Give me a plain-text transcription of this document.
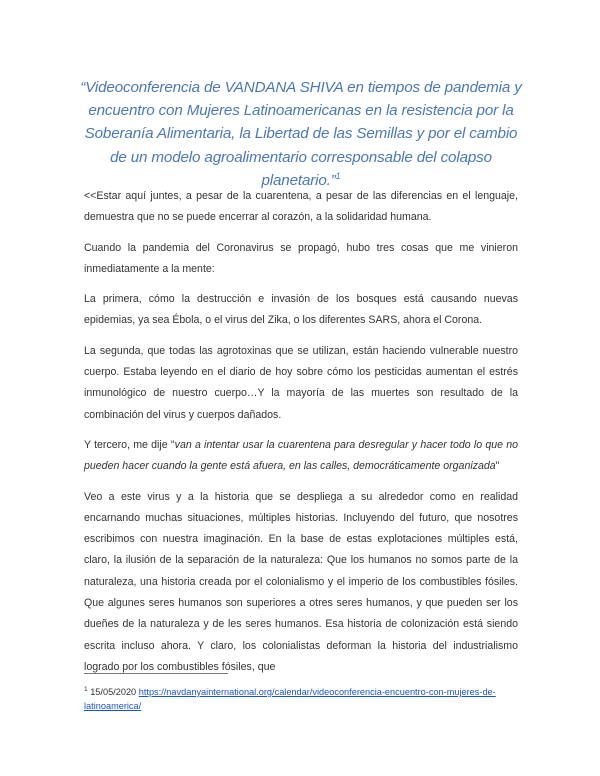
“Videoconferencia de VANDANA SHIVA en tiempos de pandemia y encuentro con Mujeres Latinoamericanas en la resistencia por la Soberanía Alimentaria, la Libertad de las Semillas y por el cambio de un modelo agroalimentario corresponsable del colapso planetario.”$^1$

<<Estar aquí juntes, a pesar de la cuarentena, a pesar de las diferencias en el lenguaje, demuestra que no se puede encerrar al corazón, a la solidaridad humana.

Cuando la pandemia del Coronavirus se propagó, hubo tres cosas que me vinieron inmediatamente a la mente:

La primera, cómo la destrucción e invasión de los bosques está causando nuevas epidemias, ya sea Ébola, o el virus del Zika, o los diferentes SARS, ahora el Corona.

La segunda, que todas las agrotoxinas que se utilizan, están haciendo vulnerable nuestro cuerpo. Estaba leyendo en el diario de hoy sobre cómo los pesticidas aumentan el estrés inmunológico de nuestro cuerpo…Y la mayoría de las muertes son resultado de la combinación del virus y cuerpos dañados.

Y tercero, me dije "van a intentar usar la cuarentena para desregular y hacer todo lo que no pueden hacer cuando la gente está afuera, en las calles, democráticamente organizada"

Veo a este virus y a la historia que se despliega a su alrededor como en realidad encarnando muchas situaciones, múltiples historias. Incluyendo del futuro, que nosotres escribimos con nuestra imaginación. En la base de estas explotaciones múltiples está, claro, la ilusión de la separación de la naturaleza: Que los humanos no somos parte de la naturaleza, una historia creada por el colonialismo y el imperio de los combustibles fósiles. Que algunes seres humanos son superiores a otres seres humanos, y que pueden ser los dueñes de la naturaleza y de les seres humanos. Esa historia de colonización está siendo escrita incluso ahora. Y claro, los colonialistas deforman la historia del industrialismo logrado por los combustibles fósiles, que

$^1$ 15/05/2020 https://navdanyainternational.org/calendar/videoconferencia-encuentro-con-mujeres-de-latinoamerica/
